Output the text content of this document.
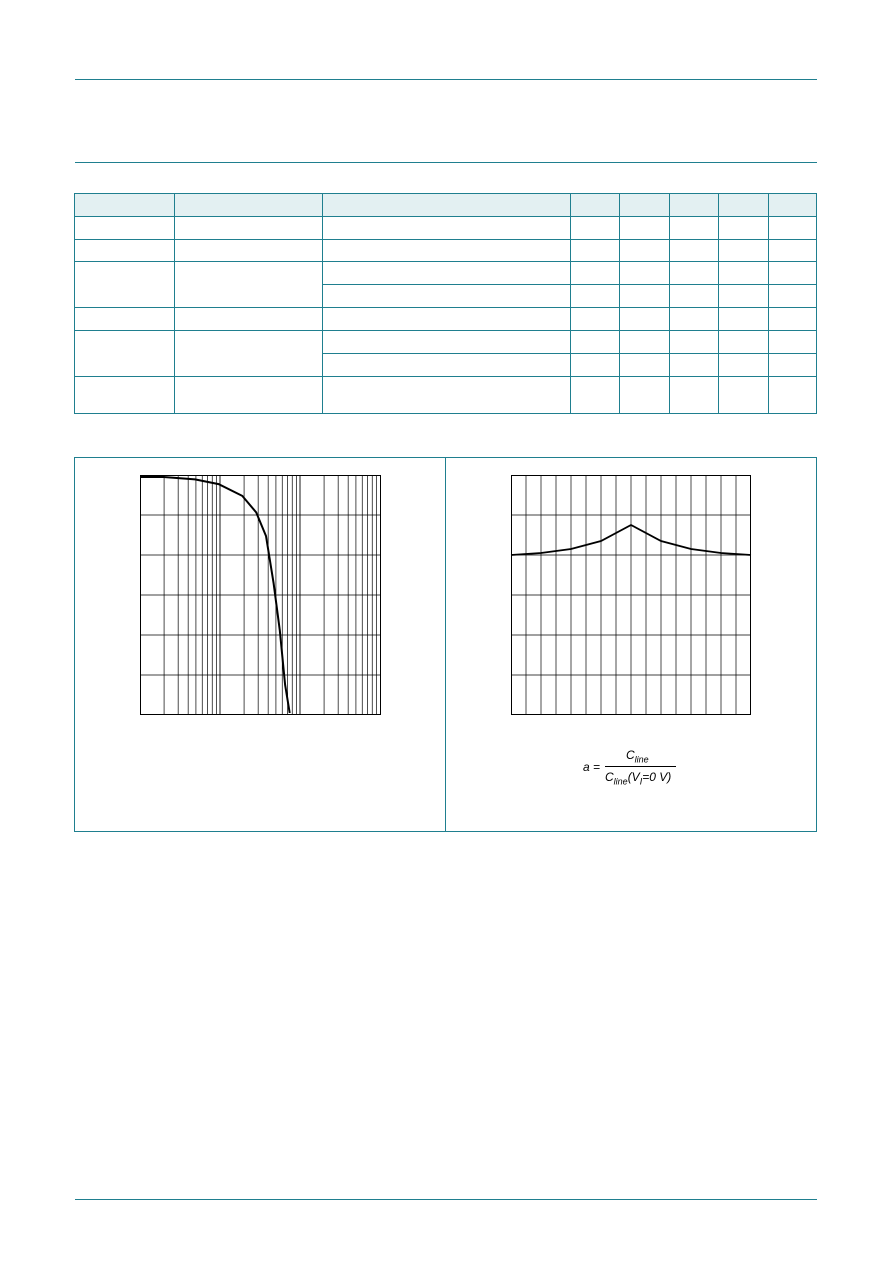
a =
$C_{line}$
$C_{line}(V_I=0$ V)
